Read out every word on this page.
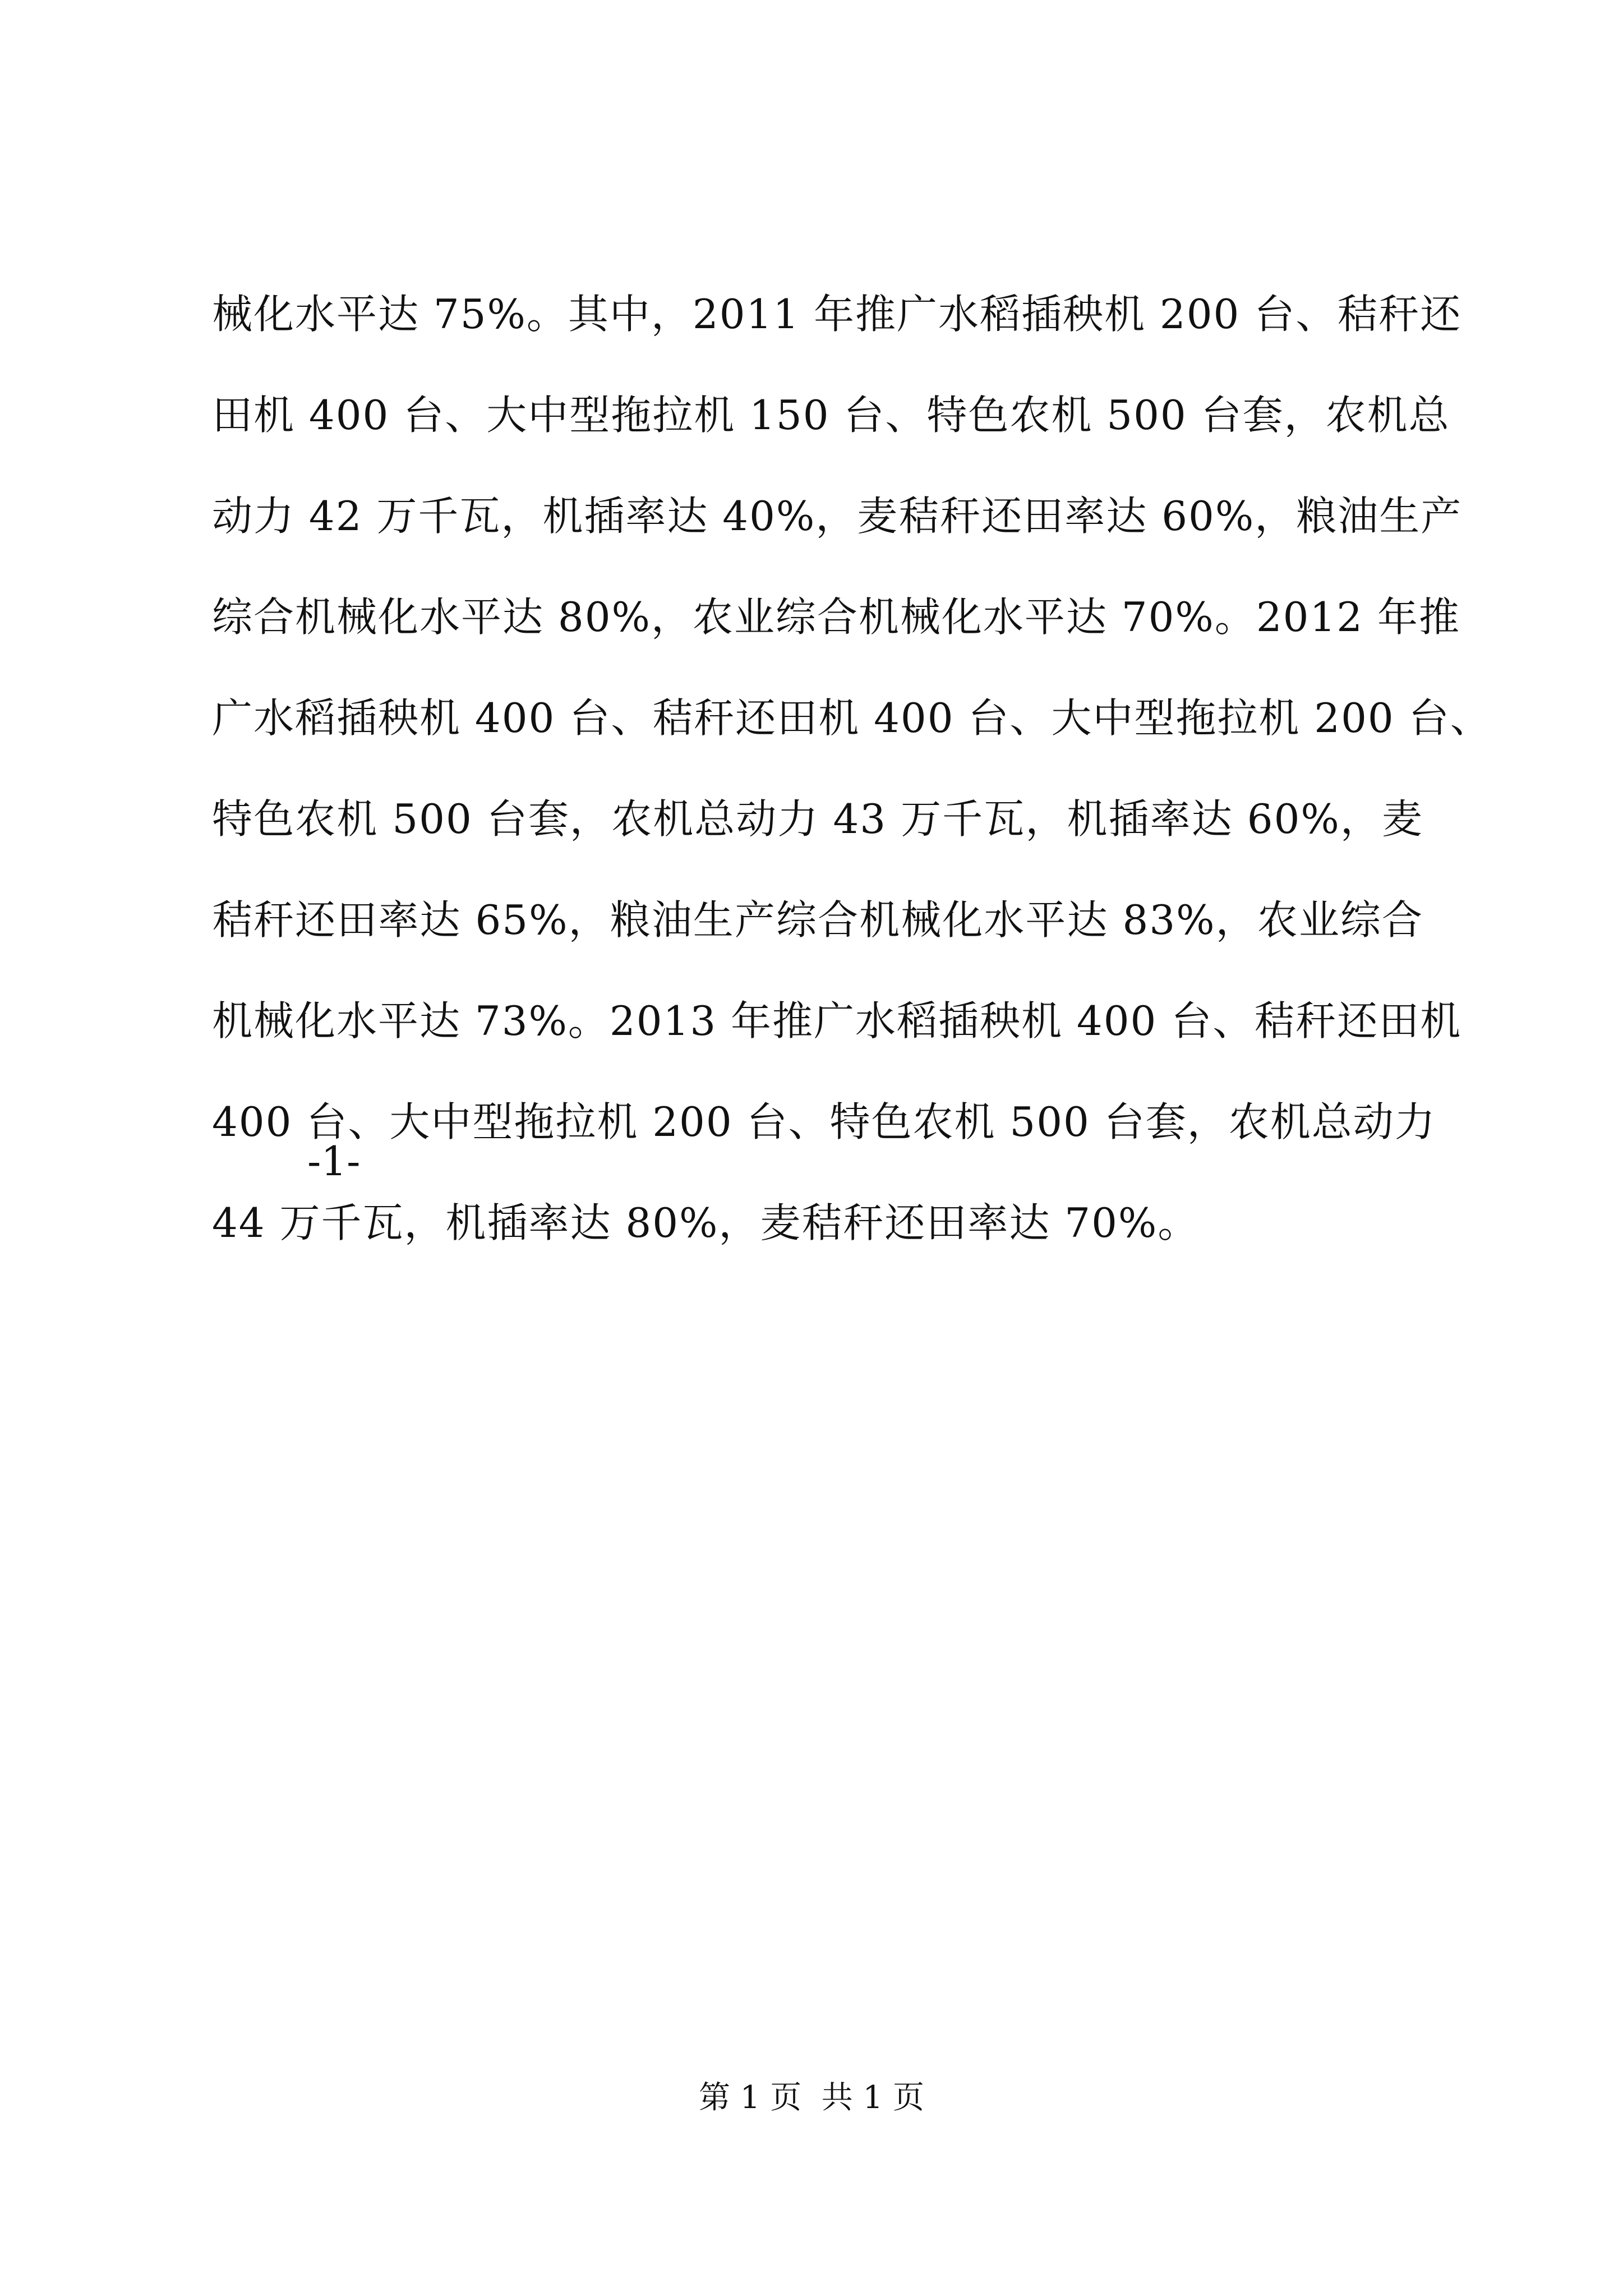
械化水平达 75%。其中，2011 年推广水稻插秧机 200 台、秸秆还
田机 400 台、大中型拖拉机 150 台、特色农机 500 台套，农机总
动力 42 万千瓦，机插率达 40%，麦秸秆还田率达 60%，粮油生产
综合机械化水平达 80%，农业综合机械化水平达 70%。2012 年推
广水稻插秧机 400 台、秸秆还田机 400 台、大中型拖拉机 200 台、
特色农机 500 台套，农机总动力 43 万千瓦，机插率达 60%，麦
秸秆还田率达 65%，粮油生产综合机械化水平达 83%，农业综合
机械化水平达 73%。2013 年推广水稻插秧机 400 台、秸秆还田机
400 台、大中型拖拉机 200 台、特色农机 500 台套，农机总动力
44 万千瓦，机插率达 80%，麦秸秆还田率达 70%。
-1-
第 1 页  共 1 页
